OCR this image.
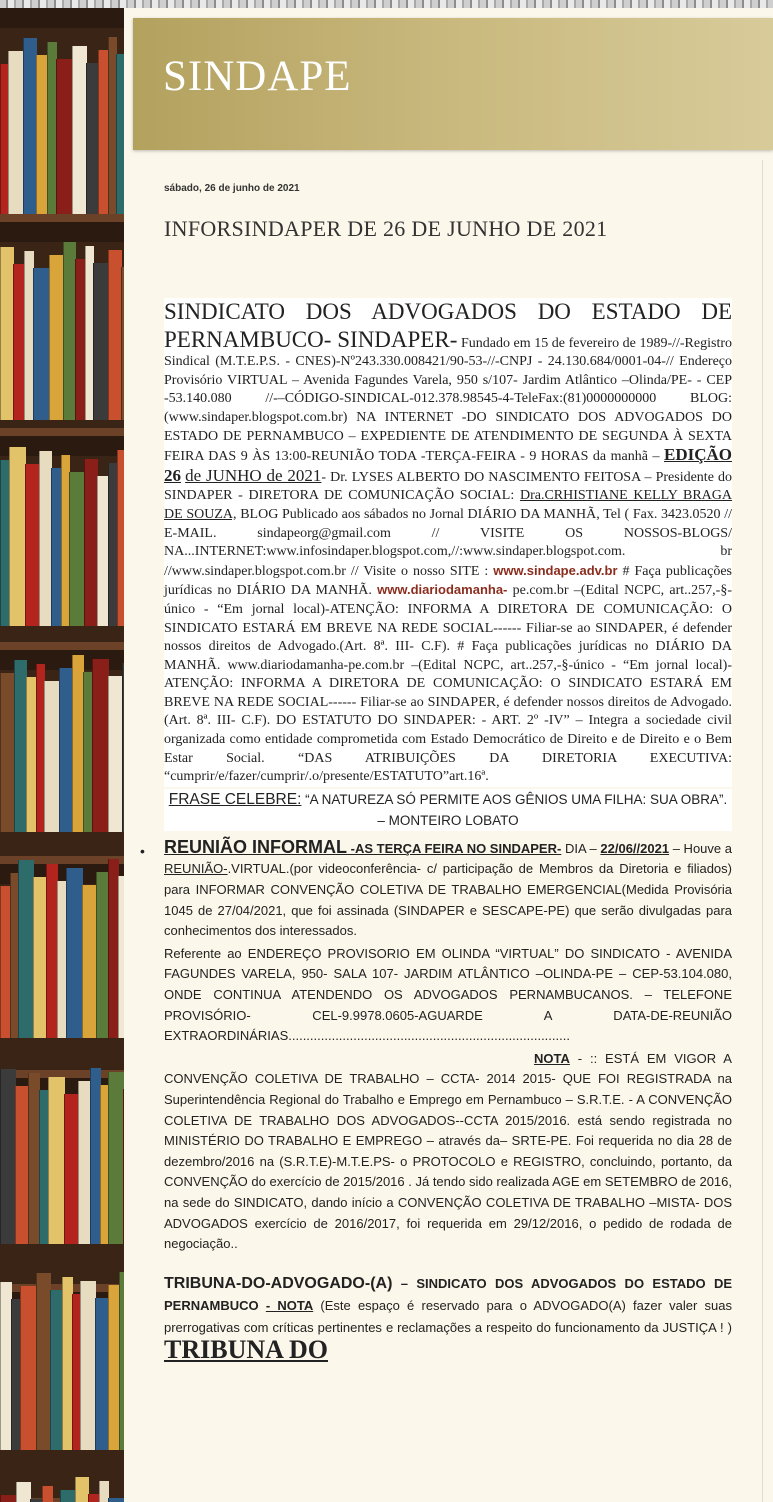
SINDAPE
sábado, 26 de junho de 2021
INFORSINDAPER DE 26 DE JUNHO DE 2021
SINDICATO DOS ADVOGADOS DO ESTADO DE PERNAMBUCO- SINDAPER- Fundado em 15 de fevereiro de 1989-//-Registro Sindical (M.T.E.P.S. - CNES)-Nº243.330.008421/90-53-//-CNPJ - 24.130.684/0001-04-// Endereço Provisório VIRTUAL – Avenida Fagundes Varela, 950 s/107- Jardim Atlântico –Olinda/PE- - CEP -53.140.080 //-–CÓDIGO-SINDICAL-012.378.98545-4-TeleFax:(81)0000000000 BLOG: (www.sindaper.blogspot.com.br) NA INTERNET -DO SINDICATO DOS ADVOGADOS DO ESTADO DE PERNAMBUCO – EXPEDIENTE DE ATENDIMENTO DE SEGUNDA À SEXTA FEIRA DAS 9 ÀS 13:00-REUNIÃO TODA -TERÇA-FEIRA - 9 HORAS da manhã – EDIÇÃO 26 de JUNHO de 2021- Dr. LYSES ALBERTO DO NASCIMENTO FEITOSA – Presidente do SINDAPER - DIRETORA DE COMUNICAÇÃO SOCIAL: Dra.CRHISTIANE KELLY BRAGA DE SOUZA, BLOG Publicado aos sábados no Jornal DIÁRIO DA MANHÃ, Tel ( Fax. 3423.0520 // E-MAIL. sindapeorg@gmail.com // VISITE OS NOSSOS-BLOGS/ NA...INTERNET:www.infosindaper.blogspot.com,//:www.sindaper.blogspot.com. br //www.sindaper.blogspot.com.br // Visite o nosso SITE : www.sindape.adv.br # Faça publicações jurídicas no DIÁRIO DA MANHÃ. www.diariodamanha- pe.com.br –(Edital NCPC, art..257,-§-único - “Em jornal local)-ATENÇÃO: INFORMA A DIRETORA DE COMUNICAÇÃO: O SINDICATO ESTARÁ EM BREVE NA REDE SOCIAL------ Filiar-se ao SINDAPER, é defender nossos direitos de Advogado.(Art. 8ª. III- C.F). # Faça publicações jurídicas no DIÁRIO DA MANHÃ. www.diariodamanha-pe.com.br –(Edital NCPC, art..257,-§-único - “Em jornal local)-ATENÇÃO: INFORMA A DIRETORA DE COMUNICAÇÃO: O SINDICATO ESTARÁ EM BREVE NA REDE SOCIAL------ Filiar-se ao SINDAPER, é defender nossos direitos de Advogado.(Art. 8ª. III- C.F). DO ESTATUTO DO SINDAPER: - ART. 2º -IV” – Integra a sociedade civil organizada como entidade comprometida com Estado Democrático de Direito e de Direito e o Bem Estar Social. “DAS ATRIBUIÇÕES DA DIRETORIA EXECUTIVA: “cumprir/e/fazer/cumprir/.o/presente/ESTATUTO”art.16ª.
FRASE CELEBRE: “A NATUREZA SÓ PERMITE AOS GÊNIOS UMA FILHA: SUA OBRA”. – MONTEIRO LOBATO
• REUNIÃO INFORMAL -AS TERÇA FEIRA NO SINDAPER- DIA – 22/06//2021 – Houve a REUNIÃO-.VIRTUAL.(por videoconferência- c/ participação de Membros da Diretoria e filiados) para INFORMAR CONVENÇÃO COLETIVA DE TRABALHO EMERGENCIAL(Medida Provisória 1045 de 27/04/2021, que foi assinada (SINDAPER e SESCAPE-PE) que serão divulgadas para conhecimentos dos interessados.
Referente ao ENDEREÇO PROVISORIO EM OLINDA “VIRTUAL” DO SINDICATO - AVENIDA FAGUNDES VARELA, 950- SALA 107- JARDIM ATLÂNTICO –OLINDA-PE – CEP-53.104.080, ONDE CONTINUA ATENDENDO OS ADVOGADOS PERNAMBUCANOS. – TELEFONE PROVISÓRIO- CEL-9.9978.0605-AGUARDE A DATA-DE-REUNIÃO EXTRAORDINÁRIAS..............................................................................
NOTA - :: ESTÁ EM VIGOR A CONVENÇÃO COLETIVA DE TRABALHO – CCTA- 2014 2015- QUE FOI REGISTRADA na Superintendência Regional do Trabalho e Emprego em Pernambuco – S.R.T.E. - A CONVENÇÃO COLETIVA DE TRABALHO DOS ADVOGADOS--CCTA 2015/2016. está sendo registrada no MINISTÉRIO DO TRABALHO E EMPREGO – através da– SRTE-PE. Foi requerida no dia 28 de dezembro/2016 na (S.R.T.E)-M.T.E.PS- o PROTOCOLO e REGISTRO, concluindo, portanto, da CONVENÇÃO do exercício de 2015/2016 . Já tendo sido realizada AGE em SETEMBRO de 2016, na sede do SINDICATO, dando início a CONVENÇÃO COLETIVA DE TRABALHO –MISTA- DOS ADVOGADOS exercício de 2016/2017, foi requerida em 29/12/2016, o pedido de rodada de negociação..
TRIBUNA-DO-ADVOGADO-(A) – SINDICATO DOS ADVOGADOS DO ESTADO DE PERNAMBUCO - NOTA (Este espaço é reservado para o ADVOGADO(A) fazer valer suas prerrogativas com críticas pertinentes e reclamações a respeito do funcionamento da JUSTIÇA ! ) TRIBUNA DO
